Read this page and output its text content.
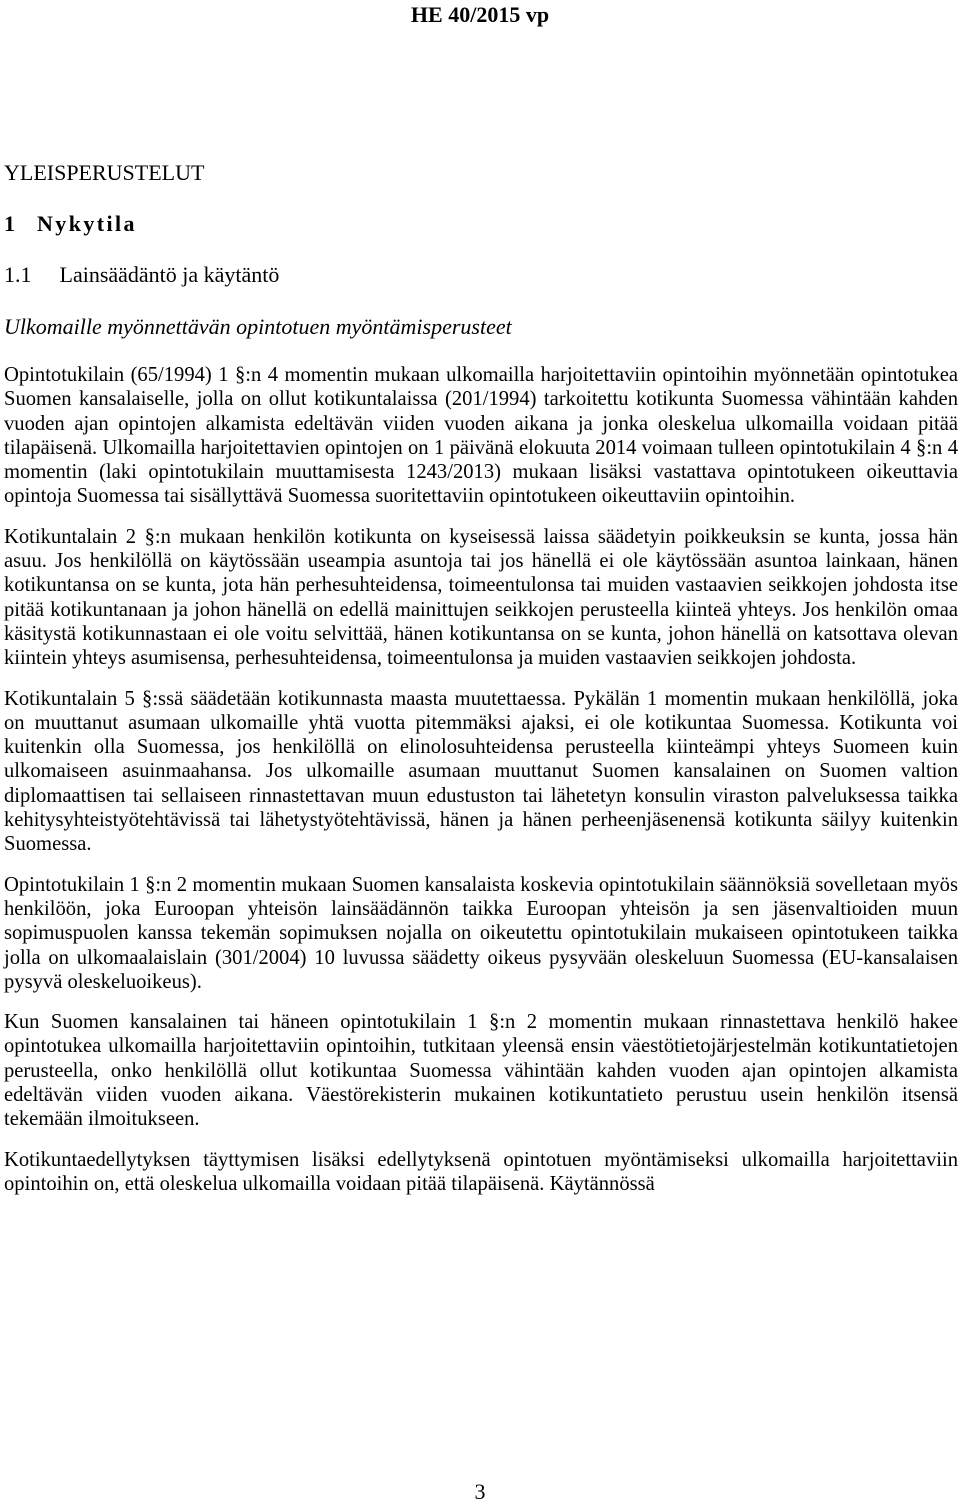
HE 40/2015 vp
YLEISPERUSTELUT
1 Nykytila
1.1 Lainsäädäntö ja käytäntö
Ulkomaille myönnettävän opintotuen myöntämisperusteet

Opintotukilain (65/1994) 1 §:n 4 momentin mukaan ulkomailla harjoitettaviin opintoihin myönnetään opintotukea Suomen kansalaiselle, jolla on ollut kotikuntalaissa (201/1994) tarkoitettu kotikunta Suomessa vähintään kahden vuoden ajan opintojen alkamista edeltävän viiden vuoden aikana ja jonka oleskelua ulkomailla voidaan pitää tilapäisenä. Ulkomailla harjoitettavien opintojen on 1 päivänä elokuuta 2014 voimaan tulleen opintotukilain 4 §:n 4 momentin (laki opintotukilain muuttamisesta 1243/2013) mukaan lisäksi vastattava opintotukeen oikeuttavia opintoja Suomessa tai sisällyttävä Suomessa suoritettaviin opintotukeen oikeuttaviin opintoihin.

Kotikuntalain 2 §:n mukaan henkilön kotikunta on kyseisessä laissa säädetyin poikkeuksin se kunta, jossa hän asuu. Jos henkilöllä on käytössään useampia asuntoja tai jos hänellä ei ole käytössään asuntoa lainkaan, hänen kotikuntansa on se kunta, jota hän perhesuhteidensa, toimeentulonsa tai muiden vastaavien seikkojen johdosta itse pitää kotikuntanaan ja johon hänellä on edellä mainittujen seikkojen perusteella kiinteä yhteys. Jos henkilön omaa käsitystä kotikunnastaan ei ole voitu selvittää, hänen kotikuntansa on se kunta, johon hänellä on katsottava olevan kiintein yhteys asumisensa, perhesuhteidensa, toimeentulonsa ja muiden vastaavien seikkojen johdosta.

Kotikuntalain 5 §:ssä säädetään kotikunnasta maasta muutettaessa. Pykälän 1 momentin mukaan henkilöllä, joka on muuttanut asumaan ulkomaille yhtä vuotta pitemmäksi ajaksi, ei ole kotikuntaa Suomessa. Kotikunta voi kuitenkin olla Suomessa, jos henkilöllä on elinolosuhteidensa perusteella kiinteämpi yhteys Suomeen kuin ulkomaiseen asuinmaahansa. Jos ulkomaille asumaan muuttanut Suomen kansalainen on Suomen valtion diplomaattisen tai sellaiseen rinnastettavan muun edustuston tai lähetetyn konsulin viraston palveluksessa taikka kehitysyhteistyötehtävissä tai lähetystyötehtävissä, hänen ja hänen perheenjäsenensä kotikunta säilyy kuitenkin Suomessa.

Opintotukilain 1 §:n 2 momentin mukaan Suomen kansalaista koskevia opintotukilain säännöksiä sovelletaan myös henkilöön, joka Euroopan yhteisön lainsäädännön taikka Euroopan yhteisön ja sen jäsenvaltioiden muun sopimuspuolen kanssa tekemän sopimuksen nojalla on oikeutettu opintotukilain mukaiseen opintotukeen taikka jolla on ulkomaalaislain (301/2004) 10 luvussa säädetty oikeus pysyvään oleskeluun Suomessa (EU-kansalaisen pysyvä oleskeluoikeus).

Kun Suomen kansalainen tai häneen opintotukilain 1 §:n 2 momentin mukaan rinnastettava henkilö hakee opintotukea ulkomailla harjoitettaviin opintoihin, tutkitaan yleensä ensin väestötietojärjestelmän kotikuntatietojen perusteella, onko henkilöllä ollut kotikuntaa Suomessa vähintään kahden vuoden ajan opintojen alkamista edeltävän viiden vuoden aikana. Väestörekisterin mukainen kotikuntatieto perustuu usein henkilön itsensä tekemään ilmoitukseen.

Kotikuntaedellytyksen täyttymisen lisäksi edellytyksenä opintotuen myöntämiseksi ulkomailla harjoitettaviin opintoihin on, että oleskelua ulkomailla voidaan pitää tilapäisenä. Käytännössä

3
